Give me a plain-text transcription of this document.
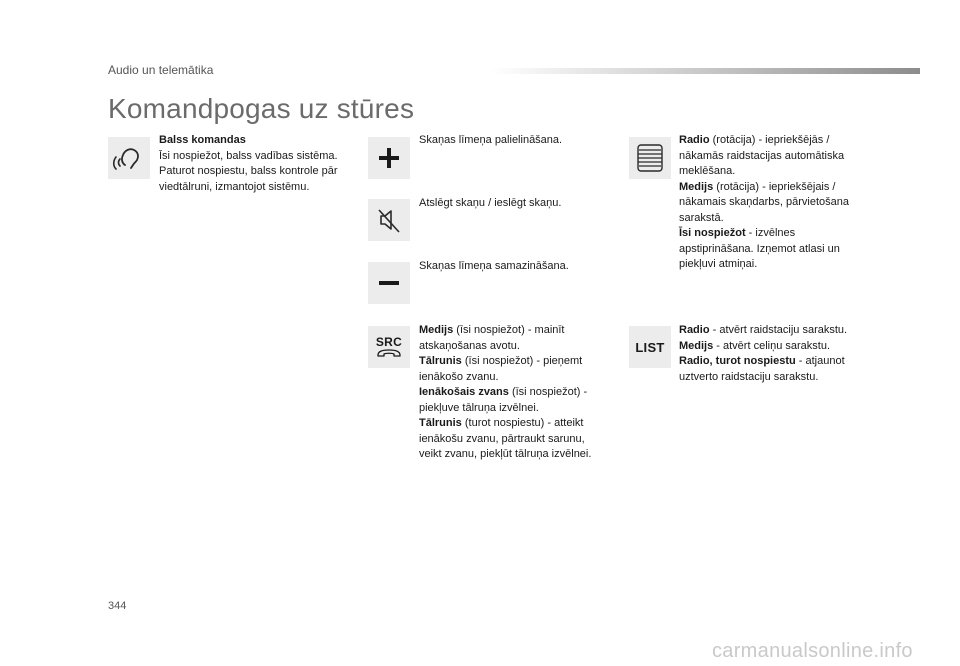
Audio un telemātika
Komandpogas uz stūres
Balss komandas
Īsi nospiežot, balss vadības sistēma.
Paturot nospiestu, balss kontrole pār
viedtālruni, izmantojot sistēmu.
Skaņas līmeņa palielināšana.
Atslēgt skaņu / ieslēgt skaņu.
Skaņas līmeņa samazināšana.
SRC
Medijs (īsi nospiežot) - mainīt
atskaņošanas avotu.
Tālrunis (īsi nospiežot) - pieņemt
ienākošo zvanu.
Ienākošais zvans (īsi nospiežot) -
piekļuve tālruņa izvēlnei.
Tālrunis (turot nospiestu) - atteikt
ienākošu zvanu, pārtraukt sarunu,
veikt zvanu, piekļūt tālruņa izvēlnei.
Radio (rotācija) - iepriekšējās /
nākamās raidstacijas automātiska
meklēšana.
Medijs (rotācija) - iepriekšējais /
nākamais skaņdarbs, pārvietošana
sarakstā.
Īsi nospiežot - izvēlnes
apstiprināšana. Izņemot atlasi un
piekļuvi atmiņai.
LIST
Radio - atvērt raidstaciju sarakstu.
Medijs - atvērt celiņu sarakstu.
Radio, turot nospiestu - atjaunot
uztverto raidstaciju sarakstu.
344
carmanualsonline.info
